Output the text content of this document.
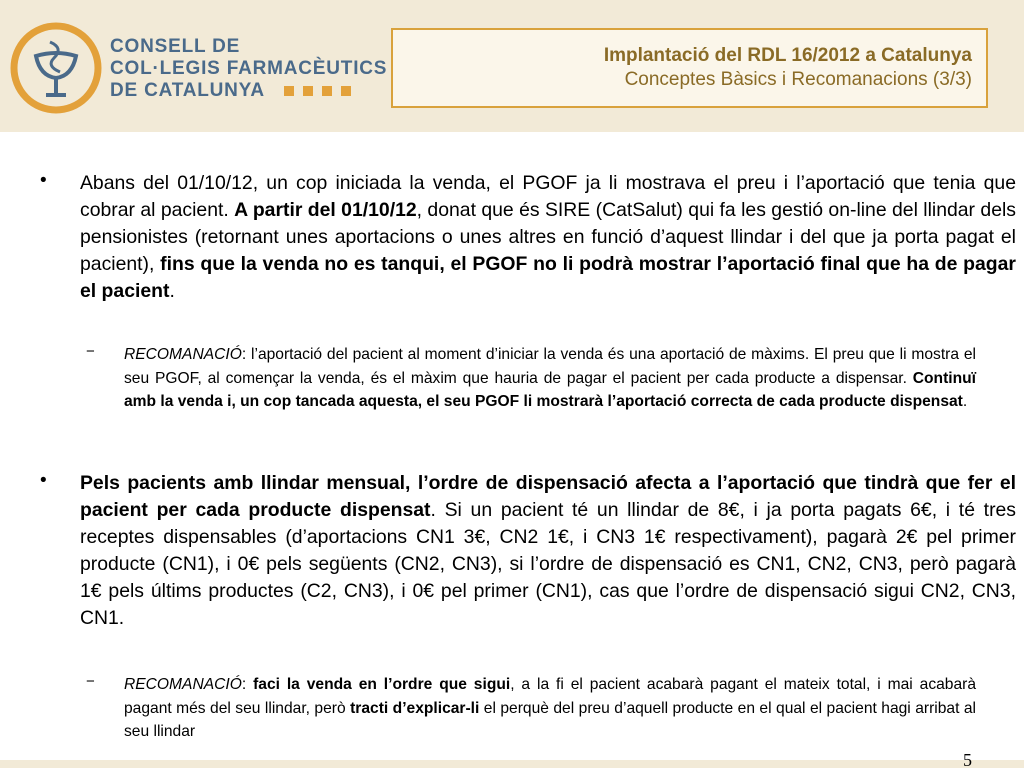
CONSELL DE
COL·LEGIS FARMACÈUTICS
DE CATALUNYA
Implantació del RDL 16/2012 a Catalunya
Conceptes Bàsics i Recomanacions (3/3)
• Abans del 01/10/12, un cop iniciada la venda, el PGOF ja li mostrava el preu i l’aportació que tenia que cobrar al pacient. A partir del 01/10/12, donat que és SIRE (CatSalut) qui fa les gestió on-line del llindar dels pensionistes (retornant unes aportacions o unes altres en funció d’aquest llindar i del que ja porta pagat el pacient), fins que la venda no es tanqui, el PGOF no li podrà mostrar l’aportació final que ha de pagar el pacient.
− RECOMANACIÓ: l’aportació del pacient al moment d’iniciar la venda és una aportació de màxims. El preu que li mostra el seu PGOF, al començar la venda, és el màxim que hauria de pagar el pacient per cada producte a dispensar. Continuï amb la venda i, un cop tancada aquesta, el seu PGOF li mostrarà l’aportació correcta de cada producte dispensat.
• Pels pacients amb llindar mensual, l’ordre de dispensació afecta a l’aportació que tindrà que fer el pacient per cada producte dispensat. Si un pacient té un llindar de 8€, i ja porta pagats 6€, i té tres receptes dispensables (d’aportacions CN1 3€, CN2 1€, i CN3 1€ respectivament), pagarà 2€ pel primer producte (CN1), i 0€ pels següents (CN2, CN3), si l’ordre de dispensació es CN1, CN2, CN3, però pagarà 1€ pels últims productes (C2, CN3), i 0€ pel primer (CN1), cas que l’ordre de dispensació sigui CN2, CN3, CN1.
− RECOMANACIÓ: faci la venda en l’ordre que sigui, a la fi el pacient acabarà pagant el mateix total, i mai acabarà pagant més del seu llindar, però tracti d’explicar-li el perquè del preu d’aquell producte en el qual el pacient hagi arribat al seu llindar
5
